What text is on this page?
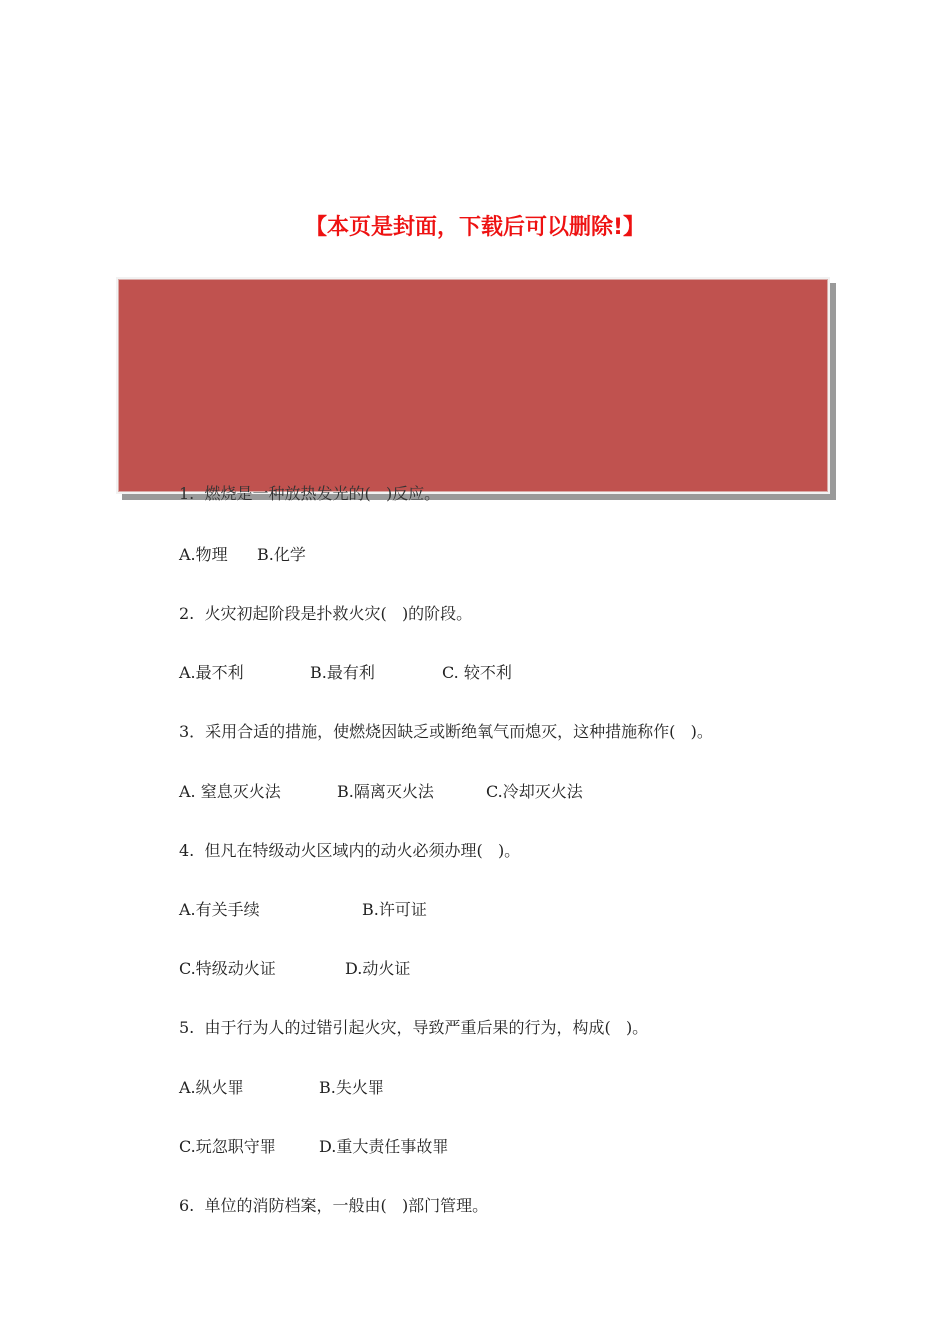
【本页是封面，下载后可以删除!】
1.  燃烧是一种放热发光的(   )反应。
A.物理 B.化学
2.  火灾初起阶段是扑救火灾(   )的阶段。
A.最不利	B.最有利	C. 较不利
3．采用合适的措施，使燃烧因缺乏或断绝氧气而熄灭，这种措施称作(   )。
A. 窒息灭火法	B.隔离灭火法	C.冷却灭火法
4.  但凡在特级动火区域内的动火必须办理(   )。
A.有关手续	B.许可证
C.特级动火证	D.动火证
5.  由于行为人的过错引起火灾，导致严重后果的行为，构成(   )。
A.纵火罪	B.失火罪
C.玩忽职守罪	D.重大责任事故罪
6.  单位的消防档案，一般由(   )部门管理。
